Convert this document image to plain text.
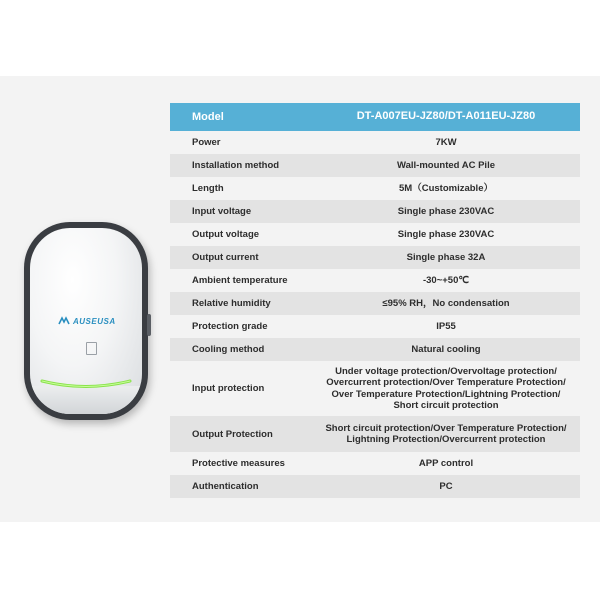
AUSEUSA
Model	DT-A007EU-JZ80/DT-A011EU-JZ80
Power	7KW

Installation method	Wall-mounted AC Pile

Length	5M（Customizable）

Input voltage	Single phase 230VAC

Output voltage	Single phase 230VAC

Output current	Single phase 32A

Ambient temperature	-30~+50℃

Relative humidity	≤95% RH，No condensation

Protection grade	IP55

Cooling method	Natural cooling

Input protection	Under voltage protection/Overvoltage protection/
Overcurrent protection/Over Temperature Protection/
Over Temperature Protection/Lightning Protection/
Short circuit protection

Output Protection	Short circuit protection/Over Temperature Protection/
Lightning Protection/Overcurrent protection

Protective measures	APP control

Authentication	PC
